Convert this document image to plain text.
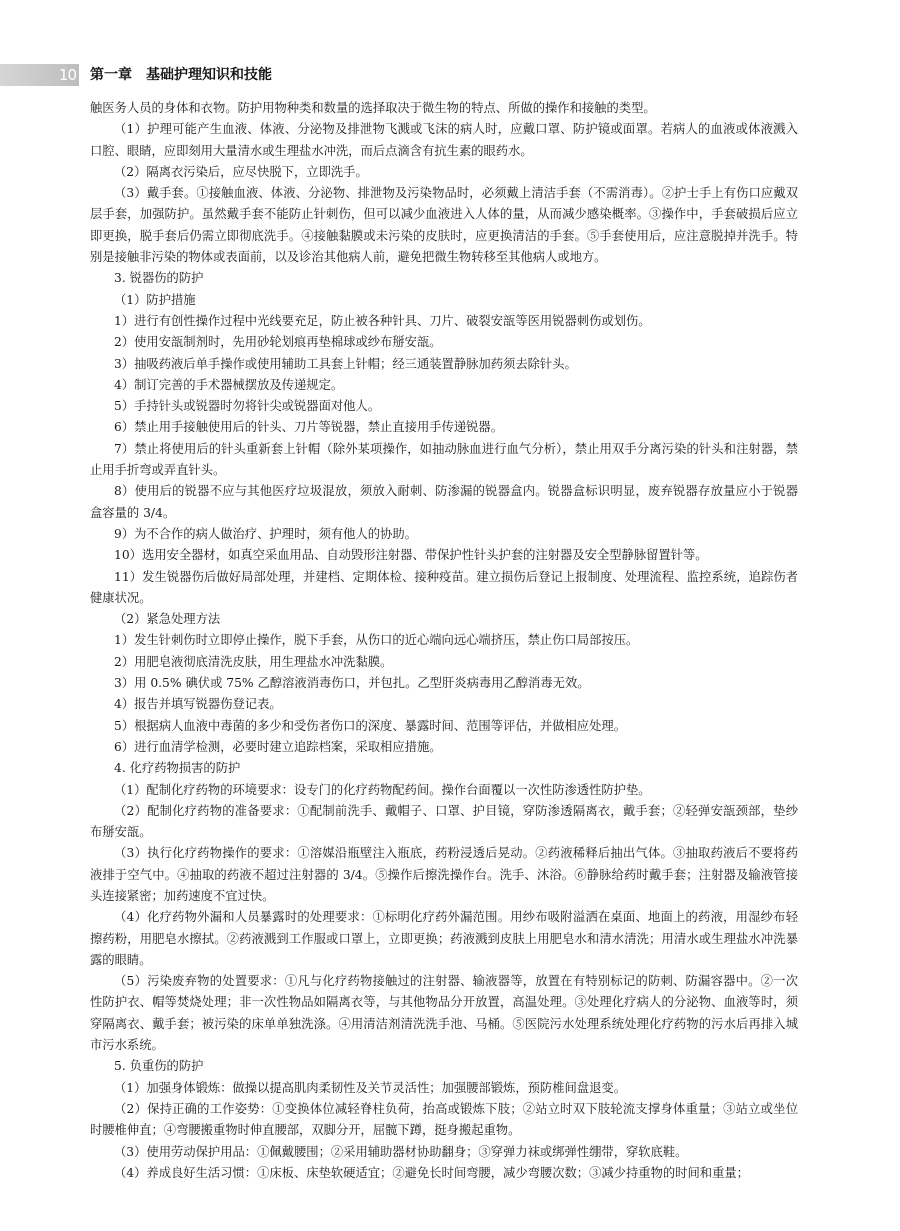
10 第一章　基础护理知识和技能

触医务人员的身体和衣物。防护用物种类和数量的选择取决于微生物的特点、所做的操作和接触的类型。

（1）护理可能产生血液、体液、分泌物及排泄物飞溅或飞沫的病人时，应戴口罩、防护镜或面罩。若病人的血液或体液溅入口腔、眼睛，应即刻用大量清水或生理盐水冲洗，而后点滴含有抗生素的眼药水。

（2）隔离衣污染后，应尽快脱下，立即洗手。

（3）戴手套。①接触血液、体液、分泌物、排泄物及污染物品时，必须戴上清洁手套（不需消毒）。②护士手上有伤口应戴双层手套，加强防护。虽然戴手套不能防止针刺伤，但可以减少血液进入人体的量，从而减少感染概率。③操作中，手套破损后应立即更换，脱手套后仍需立即彻底洗手。④接触黏膜或未污染的皮肤时，应更换清洁的手套。⑤手套使用后，应注意脱掉并洗手。特别是接触非污染的物体或表面前，以及诊治其他病人前，避免把微生物转移至其他病人或地方。

3. 锐器伤的防护

（1）防护措施

1）进行有创性操作过程中光线要充足，防止被各种针具、刀片、破裂安瓿等医用锐器刺伤或划伤。

2）使用安瓿制剂时，先用砂轮划痕再垫棉球或纱布掰安瓿。

3）抽吸药液后单手操作或使用辅助工具套上针帽；经三通装置静脉加药须去除针头。

4）制订完善的手术器械摆放及传递规定。

5）手持针头或锐器时勿将针尖或锐器面对他人。

6）禁止用手接触使用后的针头、刀片等锐器，禁止直接用手传递锐器。

7）禁止将使用后的针头重新套上针帽（除外某项操作，如抽动脉血进行血气分析），禁止用双手分离污染的针头和注射器，禁止用手折弯或弄直针头。

8）使用后的锐器不应与其他医疗垃圾混放，须放入耐刺、防渗漏的锐器盒内。锐器盒标识明显，废弃锐器存放量应小于锐器盒容量的 3/4。

9）为不合作的病人做治疗、护理时，须有他人的协助。

10）选用安全器材，如真空采血用品、自动毁形注射器、带保护性针头护套的注射器及安全型静脉留置针等。

11）发生锐器伤后做好局部处理，并建档、定期体检、接种疫苗。建立损伤后登记上报制度、处理流程、监控系统，追踪伤者健康状况。

（2）紧急处理方法

1）发生针刺伤时立即停止操作，脱下手套，从伤口的近心端向远心端挤压，禁止伤口局部按压。

2）用肥皂液彻底清洗皮肤，用生理盐水冲洗黏膜。

3）用 0.5% 碘伏或 75% 乙醇溶液消毒伤口，并包扎。乙型肝炎病毒用乙醇消毒无效。

4）报告并填写锐器伤登记表。

5）根据病人血液中毒菌的多少和受伤者伤口的深度、暴露时间、范围等评估，并做相应处理。

6）进行血清学检测，必要时建立追踪档案，采取相应措施。

4. 化疗药物损害的防护

（1）配制化疗药物的环境要求：设专门的化疗药物配药间。操作台面覆以一次性防渗透性防护垫。

（2）配制化疗药物的准备要求：①配制前洗手、戴帽子、口罩、护目镜，穿防渗透隔离衣，戴手套；②轻弹安瓿颈部，垫纱布掰安瓿。

（3）执行化疗药物操作的要求：①溶媒沿瓶壁注入瓶底，药粉浸透后晃动。②药液稀释后抽出气体。③抽取药液后不要将药液排于空气中。④抽取的药液不超过注射器的 3/4。⑤操作后擦洗操作台。洗手、沐浴。⑥静脉给药时戴手套；注射器及输液管接头连接紧密；加药速度不宜过快。

（4）化疗药物外漏和人员暴露时的处理要求：①标明化疗药外漏范围。用纱布吸附溢洒在桌面、地面上的药液，用湿纱布轻擦药粉，用肥皂水擦拭。②药液溅到工作服或口罩上，立即更换；药液溅到皮肤上用肥皂水和清水清洗；用清水或生理盐水冲洗暴露的眼睛。

（5）污染废弃物的处置要求：①凡与化疗药物接触过的注射器、输液器等，放置在有特别标记的防刺、防漏容器中。②一次性防护衣、帽等焚烧处理；非一次性物品如隔离衣等，与其他物品分开放置，高温处理。③处理化疗病人的分泌物、血液等时，须穿隔离衣、戴手套；被污染的床单单独洗涤。④用清洁剂清洗洗手池、马桶。⑤医院污水处理系统处理化疗药物的污水后再排入城市污水系统。

5. 负重伤的防护

（1）加强身体锻炼：做操以提高肌肉柔韧性及关节灵活性；加强腰部锻炼，预防椎间盘退变。

（2）保持正确的工作姿势：①变换体位减轻脊柱负荷，抬高或锻炼下肢；②站立时双下肢轮流支撑身体重量；③站立或坐位时腰椎伸直；④弯腰搬重物时伸直腰部，双脚分开，屈髋下蹲，挺身搬起重物。

（3）使用劳动保护用品：①佩戴腰围；②采用辅助器材协助翻身；③穿弹力袜或绑弹性绷带，穿软底鞋。

（4）养成良好生活习惯：①床板、床垫软硬适宜；②避免长时间弯腰，减少弯腰次数；③减少持重物的时间和重量；
